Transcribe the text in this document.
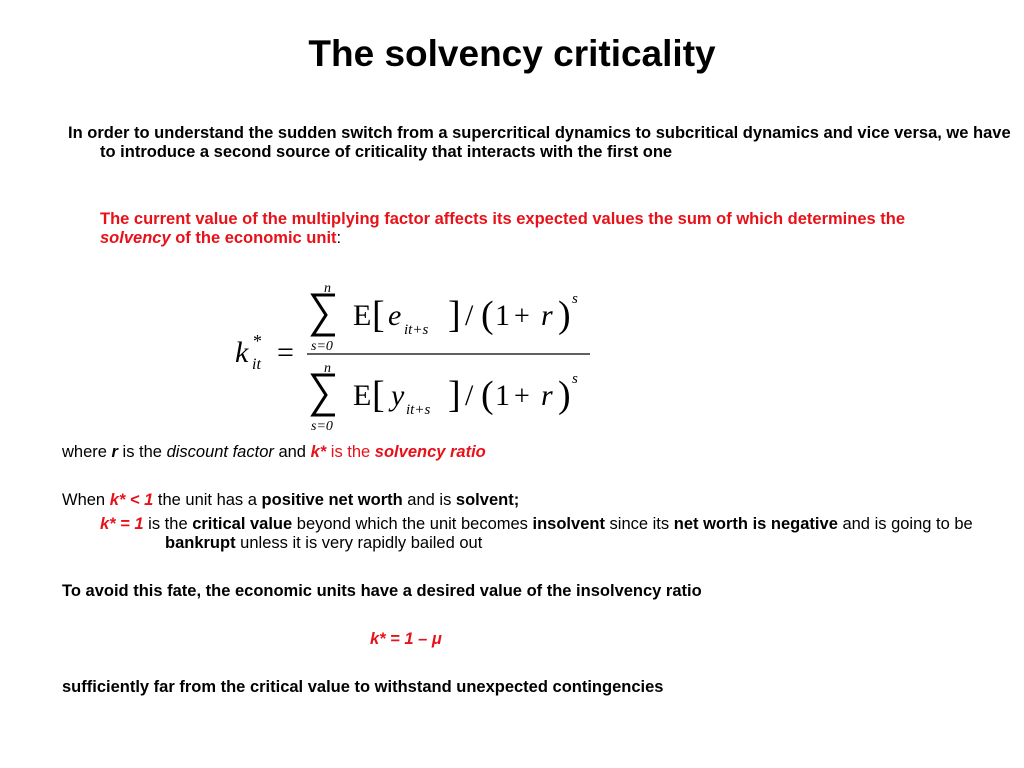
The solvency criticality
In order to understand the sudden switch from a supercritical dynamics to subcritical dynamics and vice versa, we have to introduce a second source of criticality that interacts with the first one
The current value of the multiplying factor affects its expected values the sum of which determines the solvency of the economic unit:
k *
it =
n
s=0
E [ e it+s ] / ( 1 + r ) s
n
s=0
E [ y it+s ] / ( 1 + r ) s
where r is the discount factor and k* is the solvency ratio
When k* < 1 the unit has a positive net worth and is solvent;
k* = 1 is the critical value beyond which the unit becomes insolvent since its net worth is negative and is going to be bankrupt unless it is very rapidly bailed out
To avoid this fate, the economic units have a desired value of the insolvency ratio
k* = 1 – μ
sufficiently far from the critical value to withstand unexpected contingencies
